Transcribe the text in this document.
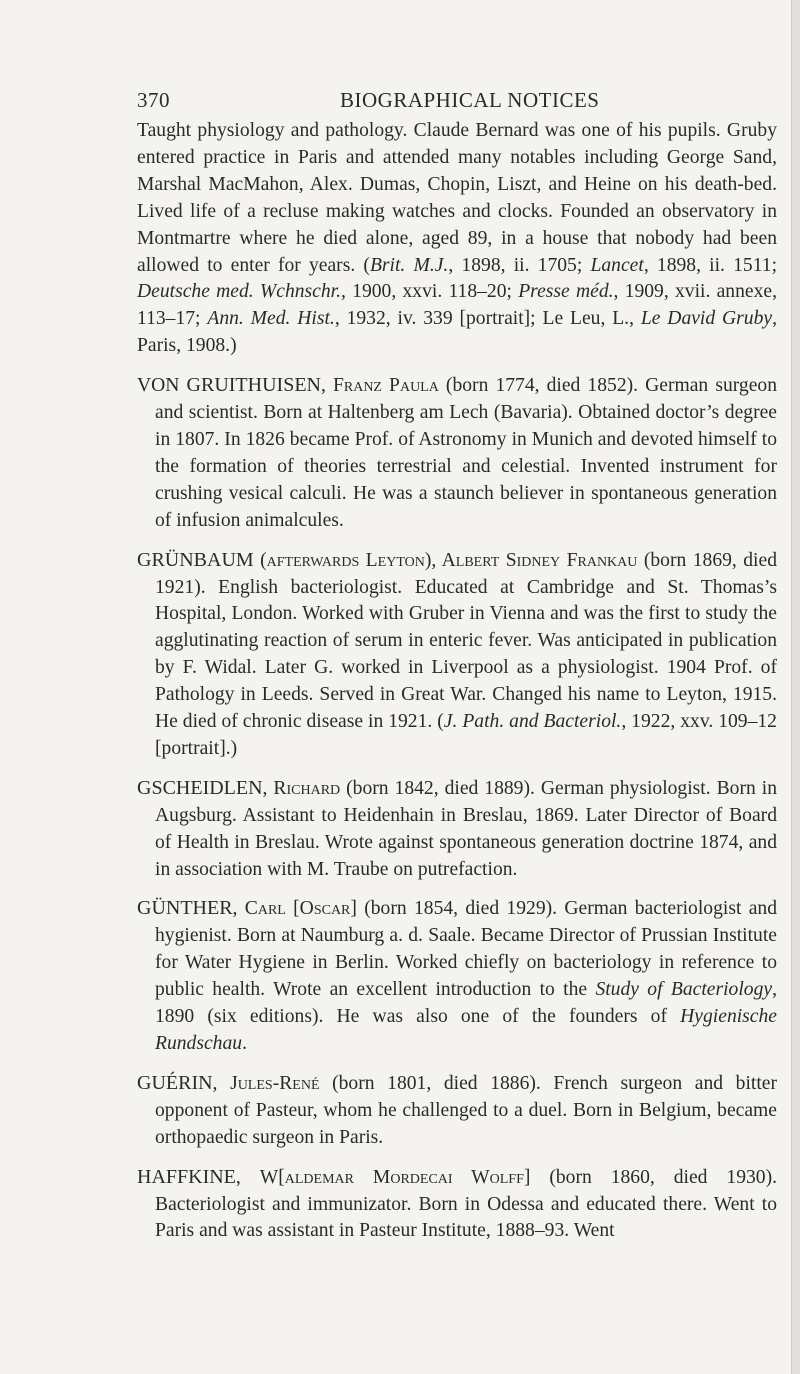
370	BIOGRAPHICAL NOTICES

Taught physiology and pathology. Claude Bernard was one of his pupils. Gruby entered practice in Paris and attended many notables including George Sand, Marshal MacMahon, Alex. Dumas, Chopin, Liszt, and Heine on his death-bed. Lived life of a recluse making watches and clocks. Founded an observatory in Montmartre where he died alone, aged 89, in a house that nobody had been allowed to enter for years. (Brit. M.J., 1898, ii. 1705; Lancet, 1898, ii. 1511; Deutsche med. Wchnschr., 1900, xxvi. 118–20; Presse méd., 1909, xvii. annexe, 113–17; Ann. Med. Hist., 1932, iv. 339 [portrait]; Le Leu, L., Le David Gruby, Paris, 1908.)

VON GRUITHUISEN, Franz Paula (born 1774, died 1852). German surgeon and scientist. Born at Haltenberg am Lech (Bavaria). Obtained doctor’s degree in 1807. In 1826 became Prof. of Astronomy in Munich and devoted himself to the formation of theories terrestrial and celestial. Invented instrument for crushing vesical calculi. He was a staunch believer in spontaneous generation of infusion animalcules.

GRÜNBAUM (afterwards Leyton), Albert Sidney Frankau (born 1869, died 1921). English bacteriologist. Educated at Cambridge and St. Thomas’s Hospital, London. Worked with Gruber in Vienna and was the first to study the agglutinating reaction of serum in enteric fever. Was anticipated in publication by F. Widal. Later G. worked in Liverpool as a physiologist. 1904 Prof. of Pathology in Leeds. Served in Great War. Changed his name to Leyton, 1915. He died of chronic disease in 1921. (J. Path. and Bacteriol., 1922, xxv. 109–12 [portrait].)

GSCHEIDLEN, Richard (born 1842, died 1889). German physiologist. Born in Augsburg. Assistant to Heidenhain in Breslau, 1869. Later Director of Board of Health in Breslau. Wrote against spontaneous generation doctrine 1874, and in association with M. Traube on putrefaction.

GÜNTHER, Carl [Oscar] (born 1854, died 1929). German bacteriologist and hygienist. Born at Naumburg a. d. Saale. Became Director of Prussian Institute for Water Hygiene in Berlin. Worked chiefly on bacteriology in reference to public health. Wrote an excellent introduction to the Study of Bacteriology, 1890 (six editions). He was also one of the founders of Hygienische Rundschau.

GUÉRIN, Jules-René (born 1801, died 1886). French surgeon and bitter opponent of Pasteur, whom he challenged to a duel. Born in Belgium, became orthopaedic surgeon in Paris.

HAFFKINE, W[aldemar Mordecai Wolff] (born 1860, died 1930). Bacteriologist and immunizator. Born in Odessa and educated there. Went to Paris and was assistant in Pasteur Institute, 1888–93. Went
